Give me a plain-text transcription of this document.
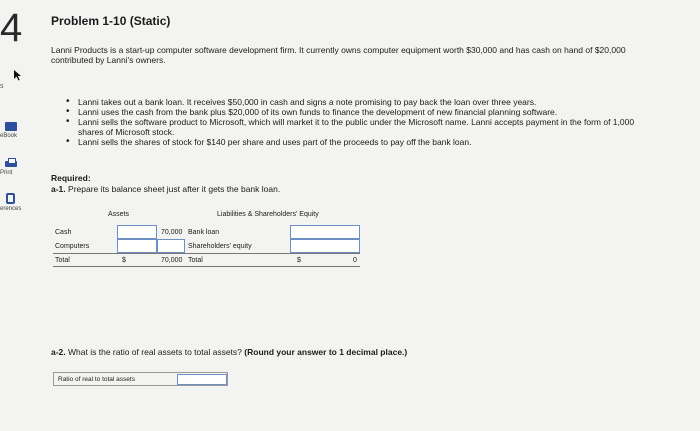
4
s
eBook
Print
erences
Problem 1-10 (Static)
Lanni Products is a start-up computer software development firm. It currently owns computer equipment worth $30,000 and has cash on hand of $20,000 contributed by Lanni's owners.
• Lanni takes out a bank loan. It receives $50,000 in cash and signs a note promising to pay back the loan over three years.
• Lanni uses the cash from the bank plus $20,000 of its own funds to finance the development of new financial planning software.
• Lanni sells the software product to Microsoft, which will market it to the public under the Microsoft name. Lanni accepts payment in the form of 1,000 shares of Microsoft stock.
• Lanni sells the shares of stock for $140 per share and uses part of the proceeds to pay off the bank loan.
Required:
a-1. Prepare its balance sheet just after it gets the bank loan.
Assets	Liabilities & Shareholders' Equity
Cash	70,000 Bank loan
Computers	Shareholders' equity
Total	$	70,000 Total	$	0
a-2. What is the ratio of real assets to total assets? (Round your answer to 1 decimal place.)
Ratio of real to total assets
